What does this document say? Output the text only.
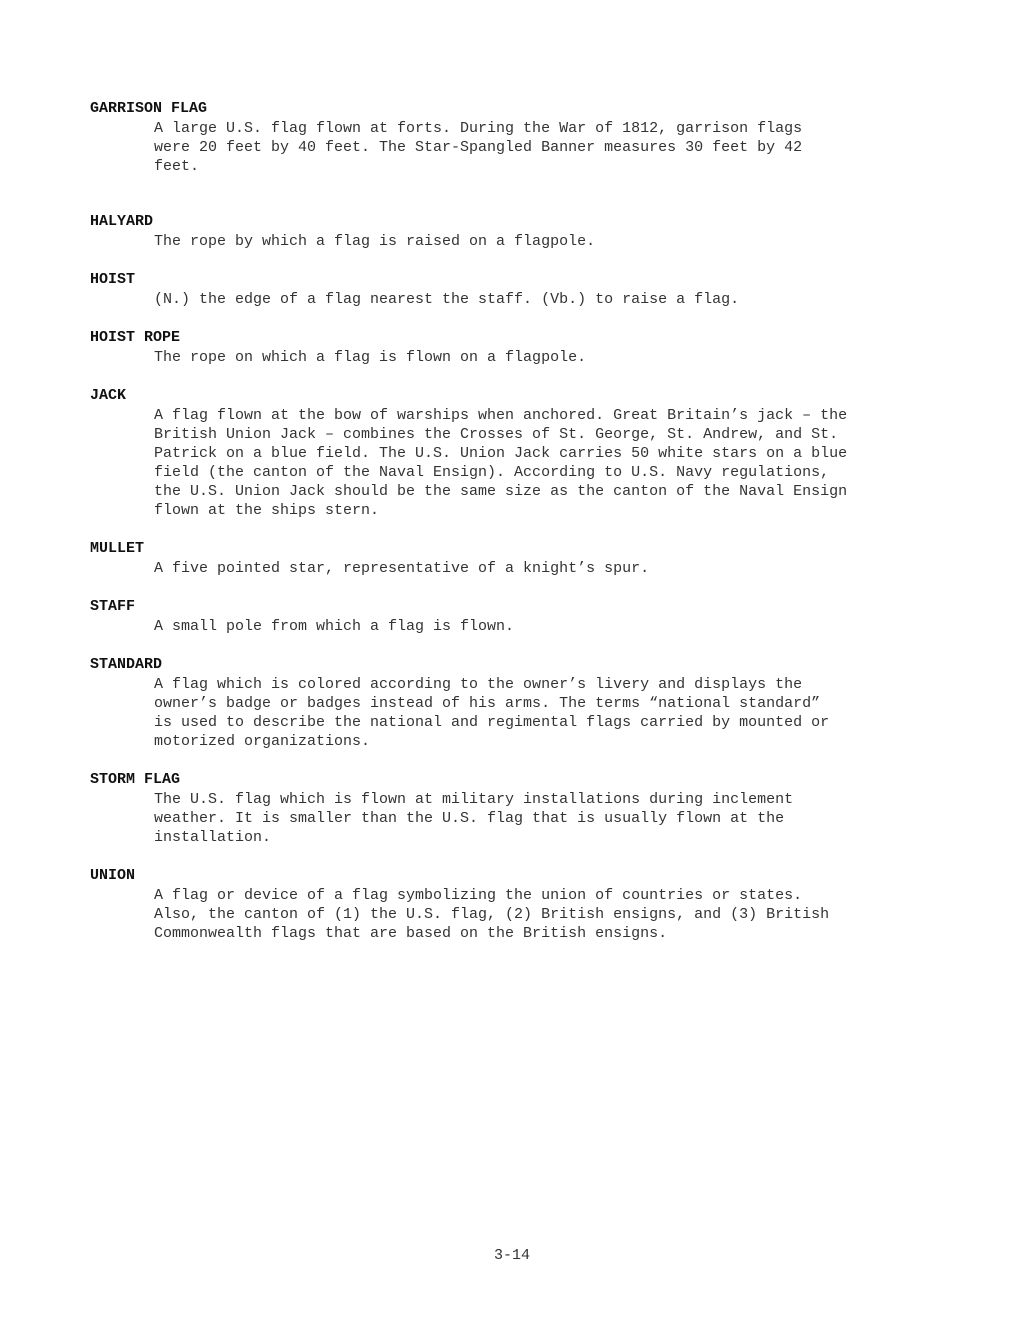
GARRISON FLAG
A large U.S. flag flown at forts. During the War of 1812, garrison flags
were 20 feet by 40 feet. The Star-Spangled Banner measures 30 feet by 42
feet.
HALYARD
The rope by which a flag is raised on a flagpole.
HOIST
(N.) the edge of a flag nearest the staff. (Vb.) to raise a flag.
HOIST ROPE
The rope on which a flag is flown on a flagpole.
JACK
A flag flown at the bow of warships when anchored. Great Britain’s jack – the
British Union Jack – combines the Crosses of St. George, St. Andrew, and St.
Patrick on a blue field. The U.S. Union Jack carries 50 white stars on a blue
field (the canton of the Naval Ensign). According to U.S. Navy regulations,
the U.S. Union Jack should be the same size as the canton of the Naval Ensign
flown at the ships stern.
MULLET
A five pointed star, representative of a knight’s spur.
STAFF
A small pole from which a flag is flown.
STANDARD
A flag which is colored according to the owner’s livery and displays the
owner’s badge or badges instead of his arms. The terms “national standard”
is used to describe the national and regimental flags carried by mounted or
motorized organizations.
STORM FLAG
The U.S. flag which is flown at military installations during inclement
weather. It is smaller than the U.S. flag that is usually flown at the
installation.
UNION
A flag or device of a flag symbolizing the union of countries or states.
Also, the canton of (1) the U.S. flag, (2) British ensigns, and (3) British
Commonwealth flags that are based on the British ensigns.
3-14
